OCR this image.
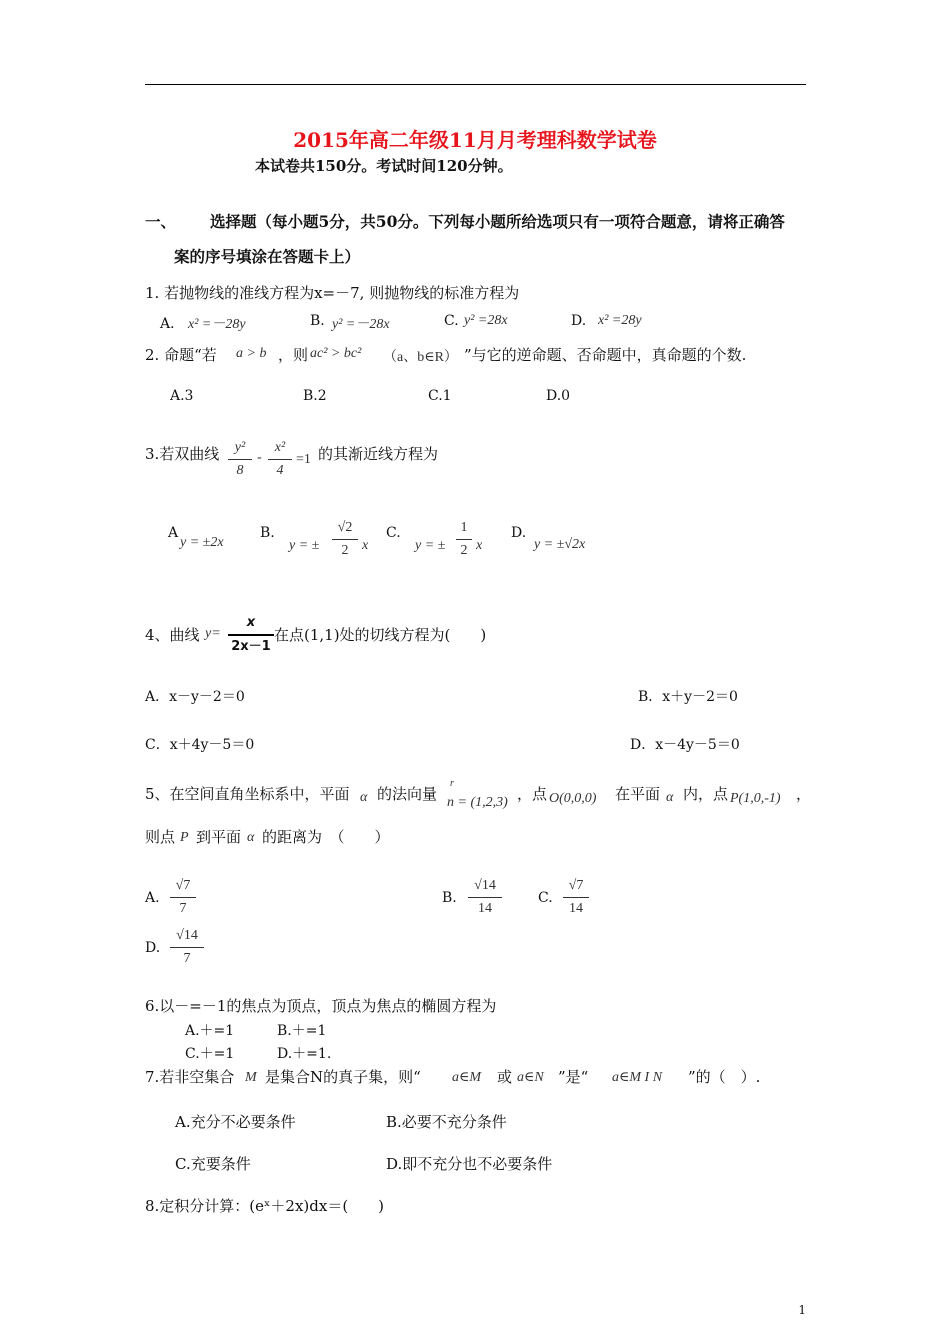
2015年高二年级11月月考理科数学试卷
本试卷共150分。考试时间120分钟。
一、 选择题（每小题5分，共50分。下列每小题所给选项只有一项符合题意，请将正确答
案的序号填涂在答题卡上）
1. 若抛物线的准线方程为x=－7, 则抛物线的标准方程为
A． x² =－28y	B. y² =－28x	C. y² =28x	D. x² =28y
2. 命题“若 a > b ，则 ac² > bc² （a、b∈R） ”与它的逆命题、否命题中，真命题的个数.
A.3	B.2	C.1	D.0
3.若双曲线	y²
8
-
x²
4
=1 的其渐近线方程为
A
y = ±2x
B.
y = ±
√2
2 x
C.
y = ±
1
2 x
D.
y = ±√2x
4、曲线 y=
x
2x－1
在点(1,1)处的切线方程为(　　)
A．x－y－2＝0	B．x＋y－2＝0
C．x＋4y－5＝0	D．x－4y－5＝0
5、在空间直角坐标系中，平面 α 的法向量
r
n = (1,2,3) ，点 O(0,0,0) 在平面 α 内，点 P(1,0,-1) ，
则点 P 到平面 α 的距离为　（　　）
A.
√7
7
B.
√14
14
C.
√7
14
D.
√14
7
6.以－=－1的焦点为顶点，顶点为焦点的椭圆方程为
A.＋=1	B.＋=1
C.＋=1	D.＋=1.
7.若非空集合 M 是集合N的真子集，则“ a∈M 或 a∈N ”是“ a∈M I N ”的（　）.
A.充分不必要条件	B.必要不充分条件
C.充要条件	D.即不充分也不必要条件
8.定积分计算：(eˣ＋2x)dx＝(　　)
1
